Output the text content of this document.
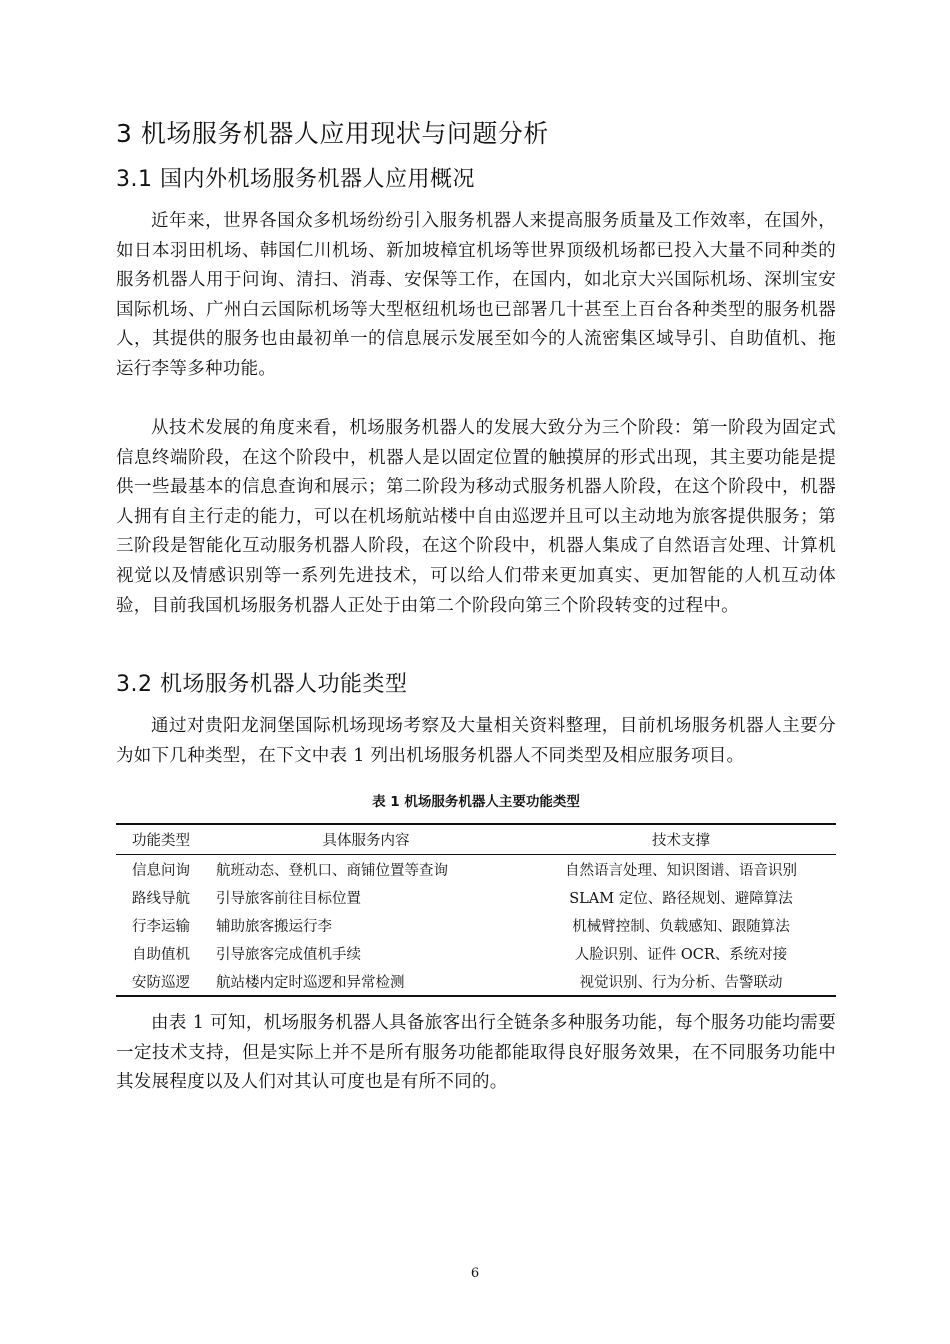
3 机场服务机器人应用现状与问题分析
3.1 国内外机场服务机器人应用概况

近年来，世界各国众多机场纷纷引入服务机器人来提高服务质量及工作效率，在国外，如日本羽田机场、韩国仁川机场、新加坡樟宜机场等世界顶级机场都已投入大量不同种类的服务机器人用于问询、清扫、消毒、安保等工作，在国内，如北京大兴国际机场、深圳宝安国际机场、广州白云国际机场等大型枢纽机场也已部署几十甚至上百台各种类型的服务机器人，其提供的服务也由最初单一的信息展示发展至如今的人流密集区域导引、自助值机、拖运行李等多种功能。

从技术发展的角度来看，机场服务机器人的发展大致分为三个阶段：第一阶段为固定式信息终端阶段，在这个阶段中，机器人是以固定位置的触摸屏的形式出现，其主要功能是提供一些最基本的信息查询和展示；第二阶段为移动式服务机器人阶段，在这个阶段中，机器人拥有自主行走的能力，可以在机场航站楼中自由巡逻并且可以主动地为旅客提供服务；第三阶段是智能化互动服务机器人阶段，在这个阶段中，机器人集成了自然语言处理、计算机视觉以及情感识别等一系列先进技术，可以给人们带来更加真实、更加智能的人机互动体验，目前我国机场服务机器人正处于由第二个阶段向第三个阶段转变的过程中。

3.2 机场服务机器人功能类型

通过对贵阳龙洞堡国际机场现场考察及大量相关资料整理，目前机场服务机器人主要分为如下几种类型，在下文中表 1 列出机场服务机器人不同类型及相应服务项目。

表 1 机场服务机器人主要功能类型
功能类型	具体服务内容	技术支撑
信息问询	航班动态、登机口、商铺位置等查询	自然语言处理、知识图谱、语音识别
路线导航	引导旅客前往目标位置	SLAM 定位、路径规划、避障算法
行李运输	辅助旅客搬运行李	机械臂控制、负载感知、跟随算法
自助值机	引导旅客完成值机手续	人脸识别、证件 OCR、系统对接
安防巡逻	航站楼内定时巡逻和异常检测	视觉识别、行为分析、告警联动

由表 1 可知，机场服务机器人具备旅客出行全链条多种服务功能，每个服务功能均需要一定技术支持，但是实际上并不是所有服务功能都能取得良好服务效果，在不同服务功能中其发展程度以及人们对其认可度也是有所不同的。

6
